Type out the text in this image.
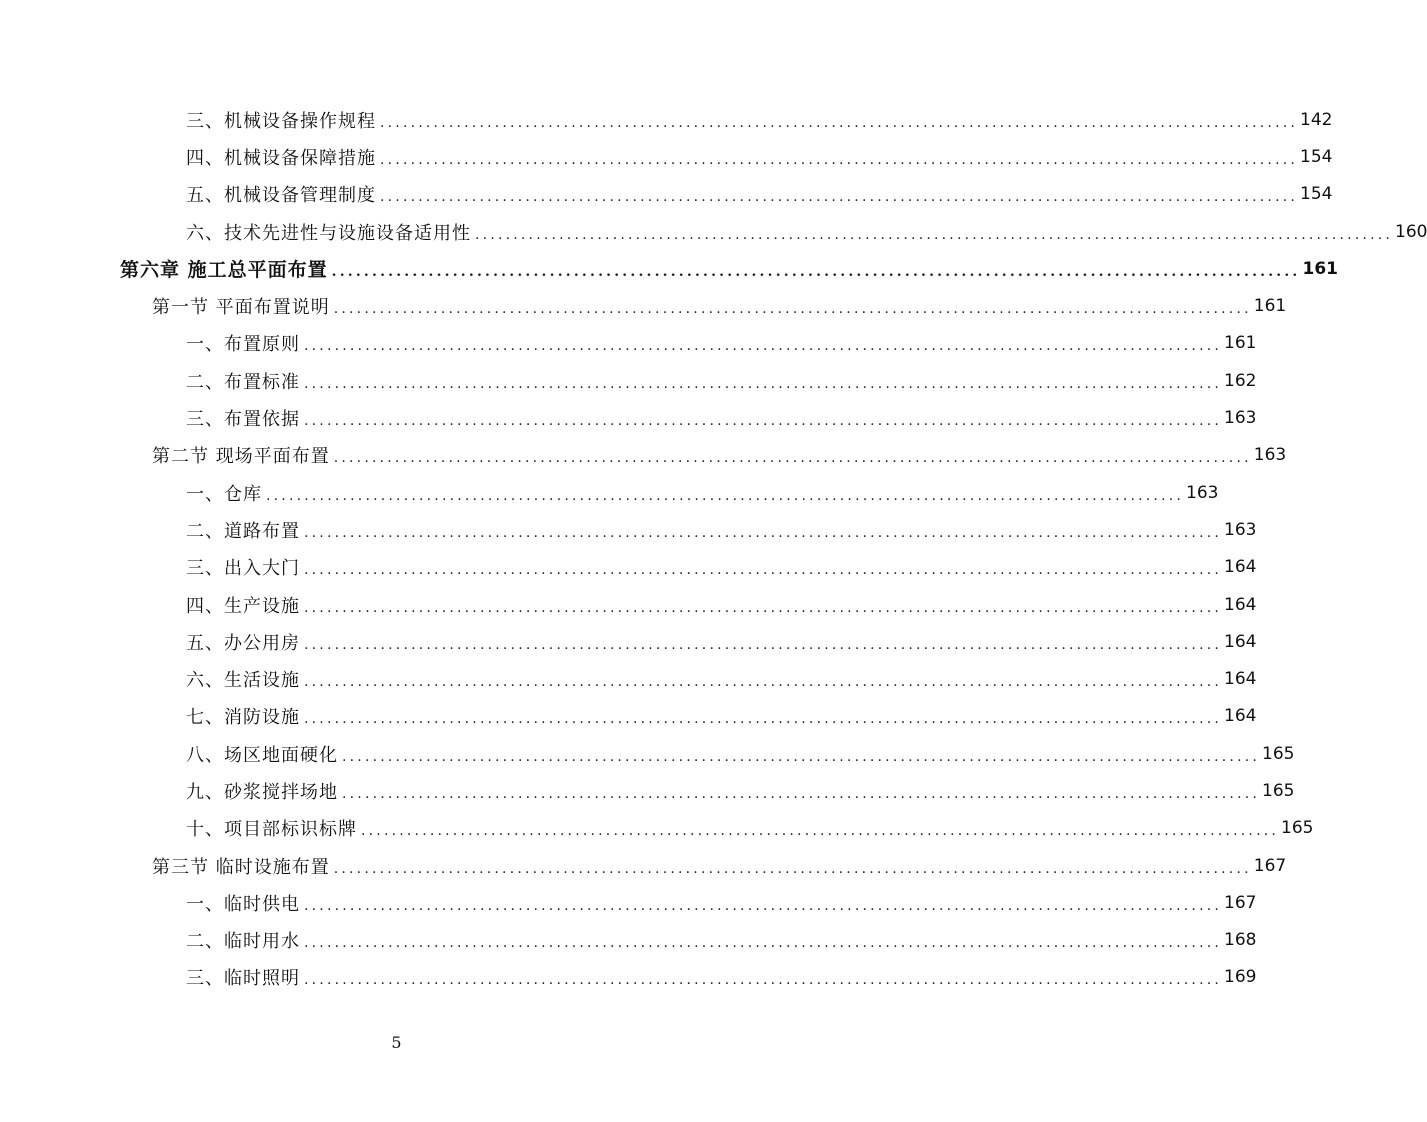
三、机械设备操作规程 ........................................................................................................................ 142
四、机械设备保障措施 ........................................................................................................................ 154
五、机械设备管理制度 ........................................................................................................................ 154
六、技术先进性与设施设备适用性 ........................................................................................................................ 160
第六章 施工总平面布置 ........................................................................................................................ 161
第一节 平面布置说明 ........................................................................................................................ 161
一、布置原则 ........................................................................................................................ 161
二、布置标准 ........................................................................................................................ 162
三、布置依据 ........................................................................................................................ 163
第二节 现场平面布置 ........................................................................................................................ 163
一、仓库 ........................................................................................................................ 163
二、道路布置 ........................................................................................................................ 163
三、出入大门 ........................................................................................................................ 164
四、生产设施 ........................................................................................................................ 164
五、办公用房 ........................................................................................................................ 164
六、生活设施 ........................................................................................................................ 164
七、消防设施 ........................................................................................................................ 164
八、场区地面硬化 ........................................................................................................................ 165
九、砂浆搅拌场地 ........................................................................................................................ 165
十、项目部标识标牌 ........................................................................................................................ 165
第三节 临时设施布置 ........................................................................................................................ 167
一、临时供电 ........................................................................................................................ 167
二、临时用水 ........................................................................................................................ 168
三、临时照明 ........................................................................................................................ 169
5
